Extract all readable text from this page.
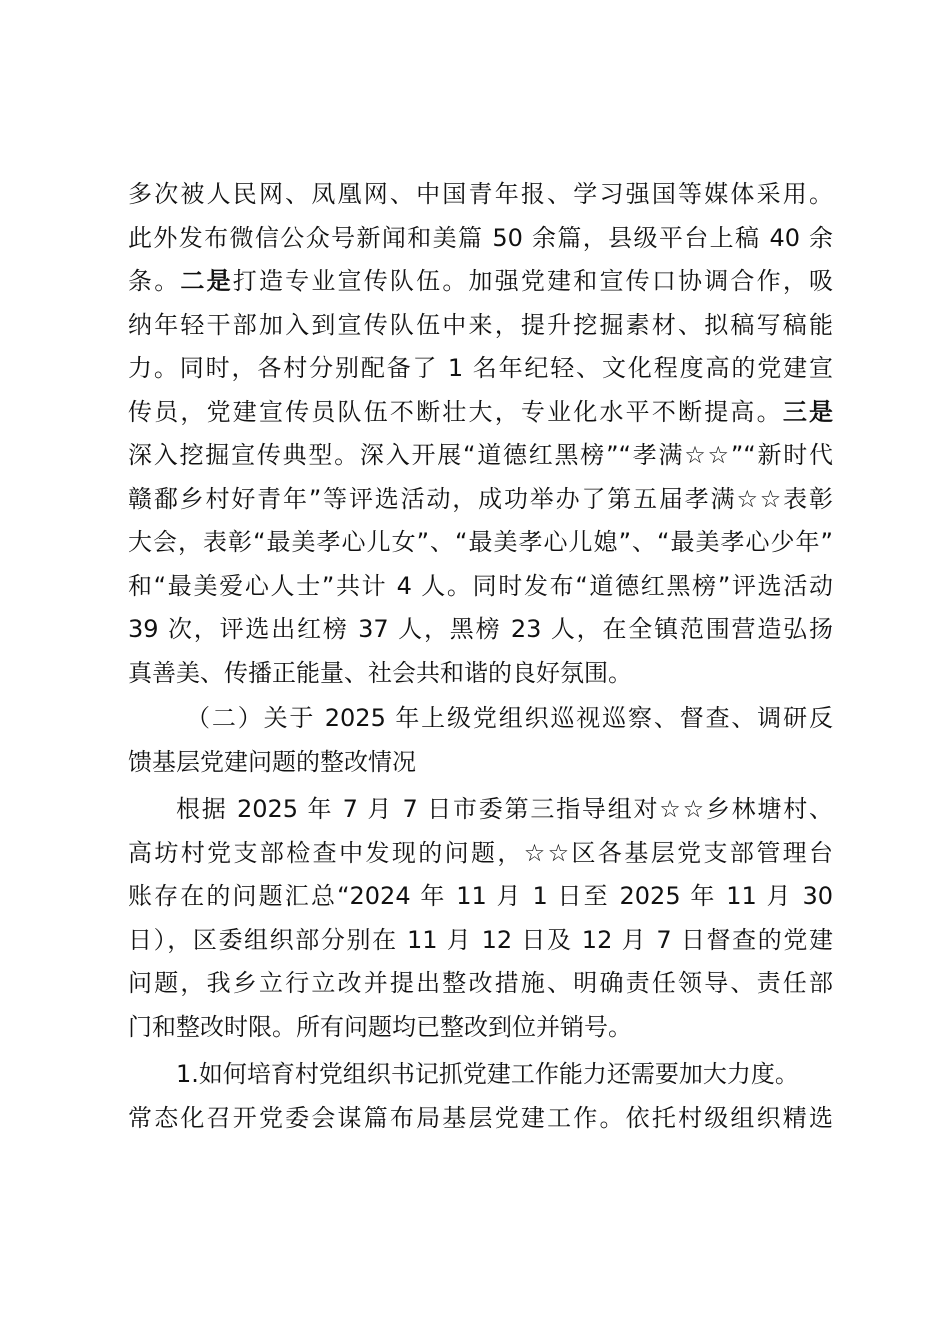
多次被人民网、凤凰网、中国青年报、学习强国等媒体采用。
此外发布微信公众号新闻和美篇 50 余篇，县级平台上稿 40 余
条。二是打造专业宣传队伍。加强党建和宣传口协调合作，吸
纳年轻干部加入到宣传队伍中来，提升挖掘素材、拟稿写稿能
力。同时，各村分别配备了 1 名年纪轻、文化程度高的党建宣
传员，党建宣传员队伍不断壮大，专业化水平不断提高。三是
深入挖掘宣传典型。深入开展“道德红黑榜”“孝满☆☆”“新时代
赣鄱乡村好青年”等评选活动，成功举办了第五届孝满☆☆表彰
大会，表彰“最美孝心儿女”、“最美孝心儿媳”、“最美孝心少年”
和“最美爱心人士”共计 4 人。同时发布“道德红黑榜”评选活动
39 次，评选出红榜 37 人，黑榜 23 人，在全镇范围营造弘扬
真善美、传播正能量、社会共和谐的良好氛围。
（二）关于 2025 年上级党组织巡视巡察、督查、调研反
馈基层党建问题的整改情况
根据 2025 年 7 月 7 日市委第三指导组对☆☆乡林塘村、
高坊村党支部检查中发现的问题，☆☆区各基层党支部管理台
账存在的问题汇总“2024 年 11 月 1 日至 2025 年 11 月 30
日），区委组织部分别在 11 月 12 日及 12 月 7 日督查的党建
问题，我乡立行立改并提出整改措施、明确责任领导、责任部
门和整改时限。所有问题均已整改到位并销号。
1.如何培育村党组织书记抓党建工作能力还需要加大力度。
常态化召开党委会谋篇布局基层党建工作。依托村级组织精选
